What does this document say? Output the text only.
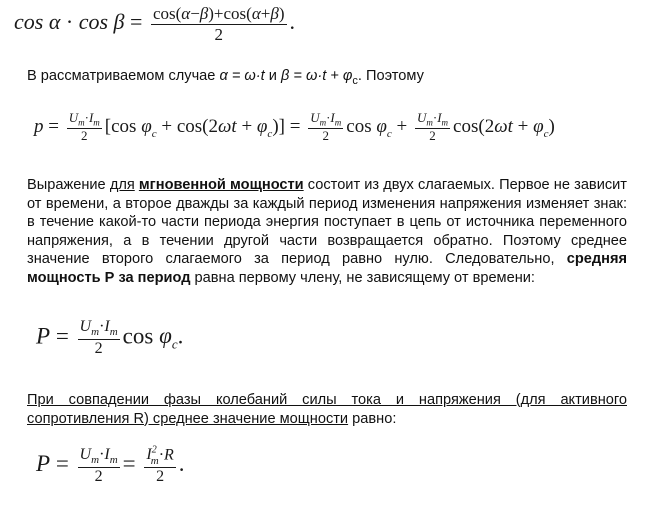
$\cos \alpha \cdot \cos \beta = \frac{\cos(\alpha-\beta)+\cos(\alpha+\beta)}{2}$ .
В рассматриваемом случае α = ω·t и $\beta = \omega\cdot t + \varphi_с$. Поэтому
$p = \frac{U_m\cdot I_m}{2} [\cos$ $\varphi_c + \cos(2\omega t + \varphi_c)] = \frac{U_m\cdot I_m}{2}$ $\cos \varphi_c + \frac{U_m\cdot I_m}{2} \cos(2\omega t + \varphi_c)$
Выражение для мгновенной мощности состоит из двух слагаемых. Первое не зависит от времени, а второе дважды за каждый период изменения напряжения изменяет знак: в течение какой-то части периода энергия поступает в цепь от источника переменного напряжения, а в течении другой части возвращается обратно. Поэтому среднее значение второго слагаемого за период равно нулю. Следовательно, средняя мощность Р за период равна первому члену, не зависящему от времени:
$P = \frac{U_m\cdot I_m}{2}$ $\cos \varphi_c$.
При совпадении фазы колебаний силы тока и напряжения (для активного сопротивления R) среднее значение мощности равно:
$P = \frac{U_m\cdot I_m}{2} = \frac{I^2_m\cdot R}{2}$ .
